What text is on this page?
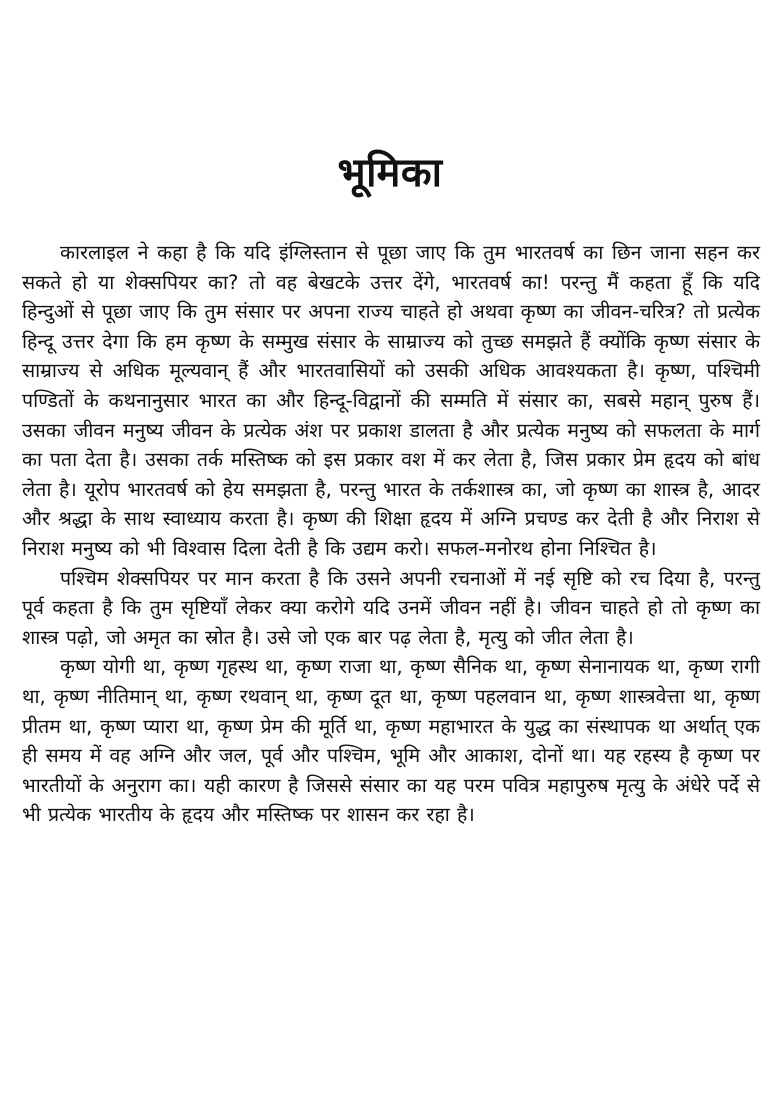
भूमिका

कारलाइल ने कहा है कि यदि इंग्लिस्तान से पूछा जाए कि तुम भारतवर्ष का छिन जाना सहन कर सकते हो या शेक्सपियर का? तो वह बेखटके उत्तर देंगे, भारतवर्ष का! परन्तु मैं कहता हूँ कि यदि हिन्दुओं से पूछा जाए कि तुम संसार पर अपना राज्य चाहते हो अथवा कृष्ण का जीवन-चरित्र? तो प्रत्येक हिन्दू उत्तर देगा कि हम कृष्ण के सम्मुख संसार के साम्राज्य को तुच्छ समझते हैं क्योंकि कृष्ण संसार के साम्राज्य से अधिक मूल्यवान् हैं और भारतवासियों को उसकी अधिक आवश्यकता है। कृष्ण, पश्चिमी पण्डितों के कथनानुसार भारत का और हिन्दू-विद्वानों की सम्मति में संसार का, सबसे महान् पुरुष हैं। उसका जीवन मनुष्य जीवन के प्रत्येक अंश पर प्रकाश डालता है और प्रत्येक मनुष्य को सफलता के मार्ग का पता देता है। उसका तर्क मस्तिष्क को इस प्रकार वश में कर लेता है, जिस प्रकार प्रेम हृदय को बांध लेता है। यूरोप भारतवर्ष को हेय समझता है, परन्तु भारत के तर्कशास्त्र का, जो कृष्ण का शास्त्र है, आदर और श्रद्धा के साथ स्वाध्याय करता है। कृष्ण की शिक्षा हृदय में अग्नि प्रचण्ड कर देती है और निराश से निराश मनुष्य को भी विश्वास दिला देती है कि उद्यम करो। सफल-मनोरथ होना निश्चित है।

पश्चिम शेक्सपियर पर मान करता है कि उसने अपनी रचनाओं में नई सृष्टि को रच दिया है, परन्तु पूर्व कहता है कि तुम सृष्टियाँ लेकर क्या करोगे यदि उनमें जीवन नहीं है। जीवन चाहते हो तो कृष्ण का शास्त्र पढ़ो, जो अमृत का स्रोत है। उसे जो एक बार पढ़ लेता है, मृत्यु को जीत लेता है।

कृष्ण योगी था, कृष्ण गृहस्थ था, कृष्ण राजा था, कृष्ण सैनिक था, कृष्ण सेनानायक था, कृष्ण रागी था, कृष्ण नीतिमान् था, कृष्ण रथवान् था, कृष्ण दूत था, कृष्ण पहलवान था, कृष्ण शास्त्रवेत्ता था, कृष्ण प्रीतम था, कृष्ण प्यारा था, कृष्ण प्रेम की मूर्ति था, कृष्ण महाभारत के युद्ध का संस्थापक था अर्थात् एक ही समय में वह अग्नि और जल, पूर्व और पश्चिम, भूमि और आकाश, दोनों था। यह रहस्य है कृष्ण पर भारतीयों के अनुराग का। यही कारण है जिससे संसार का यह परम पवित्र महापुरुष मृत्यु के अंधेरे पर्दे से भी प्रत्येक भारतीय के हृदय और मस्तिष्क पर शासन कर रहा है।
